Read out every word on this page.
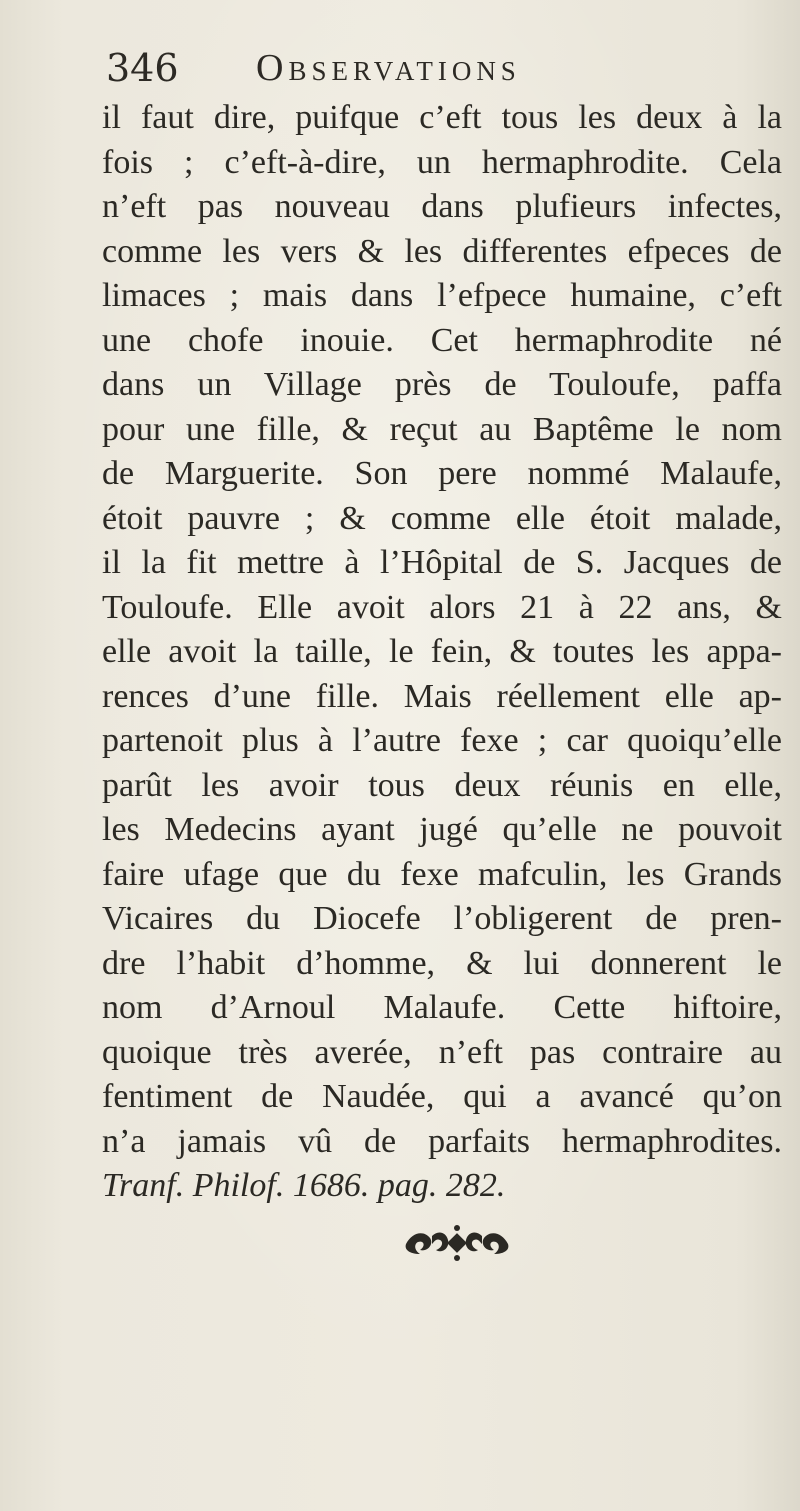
346 Observations
il faut dire, puifque c’eft tous les deux à la
fois ; c’eft-à-dire, un hermaphrodite. Cela
n’eft pas nouveau dans plufieurs infectes,
comme les vers & les differentes efpeces de
limaces ; mais dans l’efpece humaine, c’eft
une chofe inouie. Cet hermaphrodite né
dans un Village près de Touloufe, paffa
pour une fille, & reçut au Baptême le nom
de Marguerite. Son pere nommé Malaufe,
étoit pauvre ; & comme elle étoit malade,
il la fit mettre à l’Hôpital de S. Jacques de
Touloufe. Elle avoit alors 21 à 22 ans, &
elle avoit la taille, le fein, & toutes les appa-
rences d’une fille. Mais réellement elle ap-
partenoit plus à l’autre fexe ; car quoiqu’elle
parût les avoir tous deux réunis en elle,
les Medecins ayant jugé qu’elle ne pouvoit
faire ufage que du fexe mafculin, les Grands
Vicaires du Diocefe l’obligerent de pren-
dre l’habit d’homme, & lui donnerent le
nom d’Arnoul Malaufe. Cette hiftoire,
quoique très averée, n’eft pas contraire au
fentiment de Naudée, qui a avancé qu’on
n’a jamais vû de parfaits hermaphrodites.
Tranf. Philof. 1686. pag. 282.
